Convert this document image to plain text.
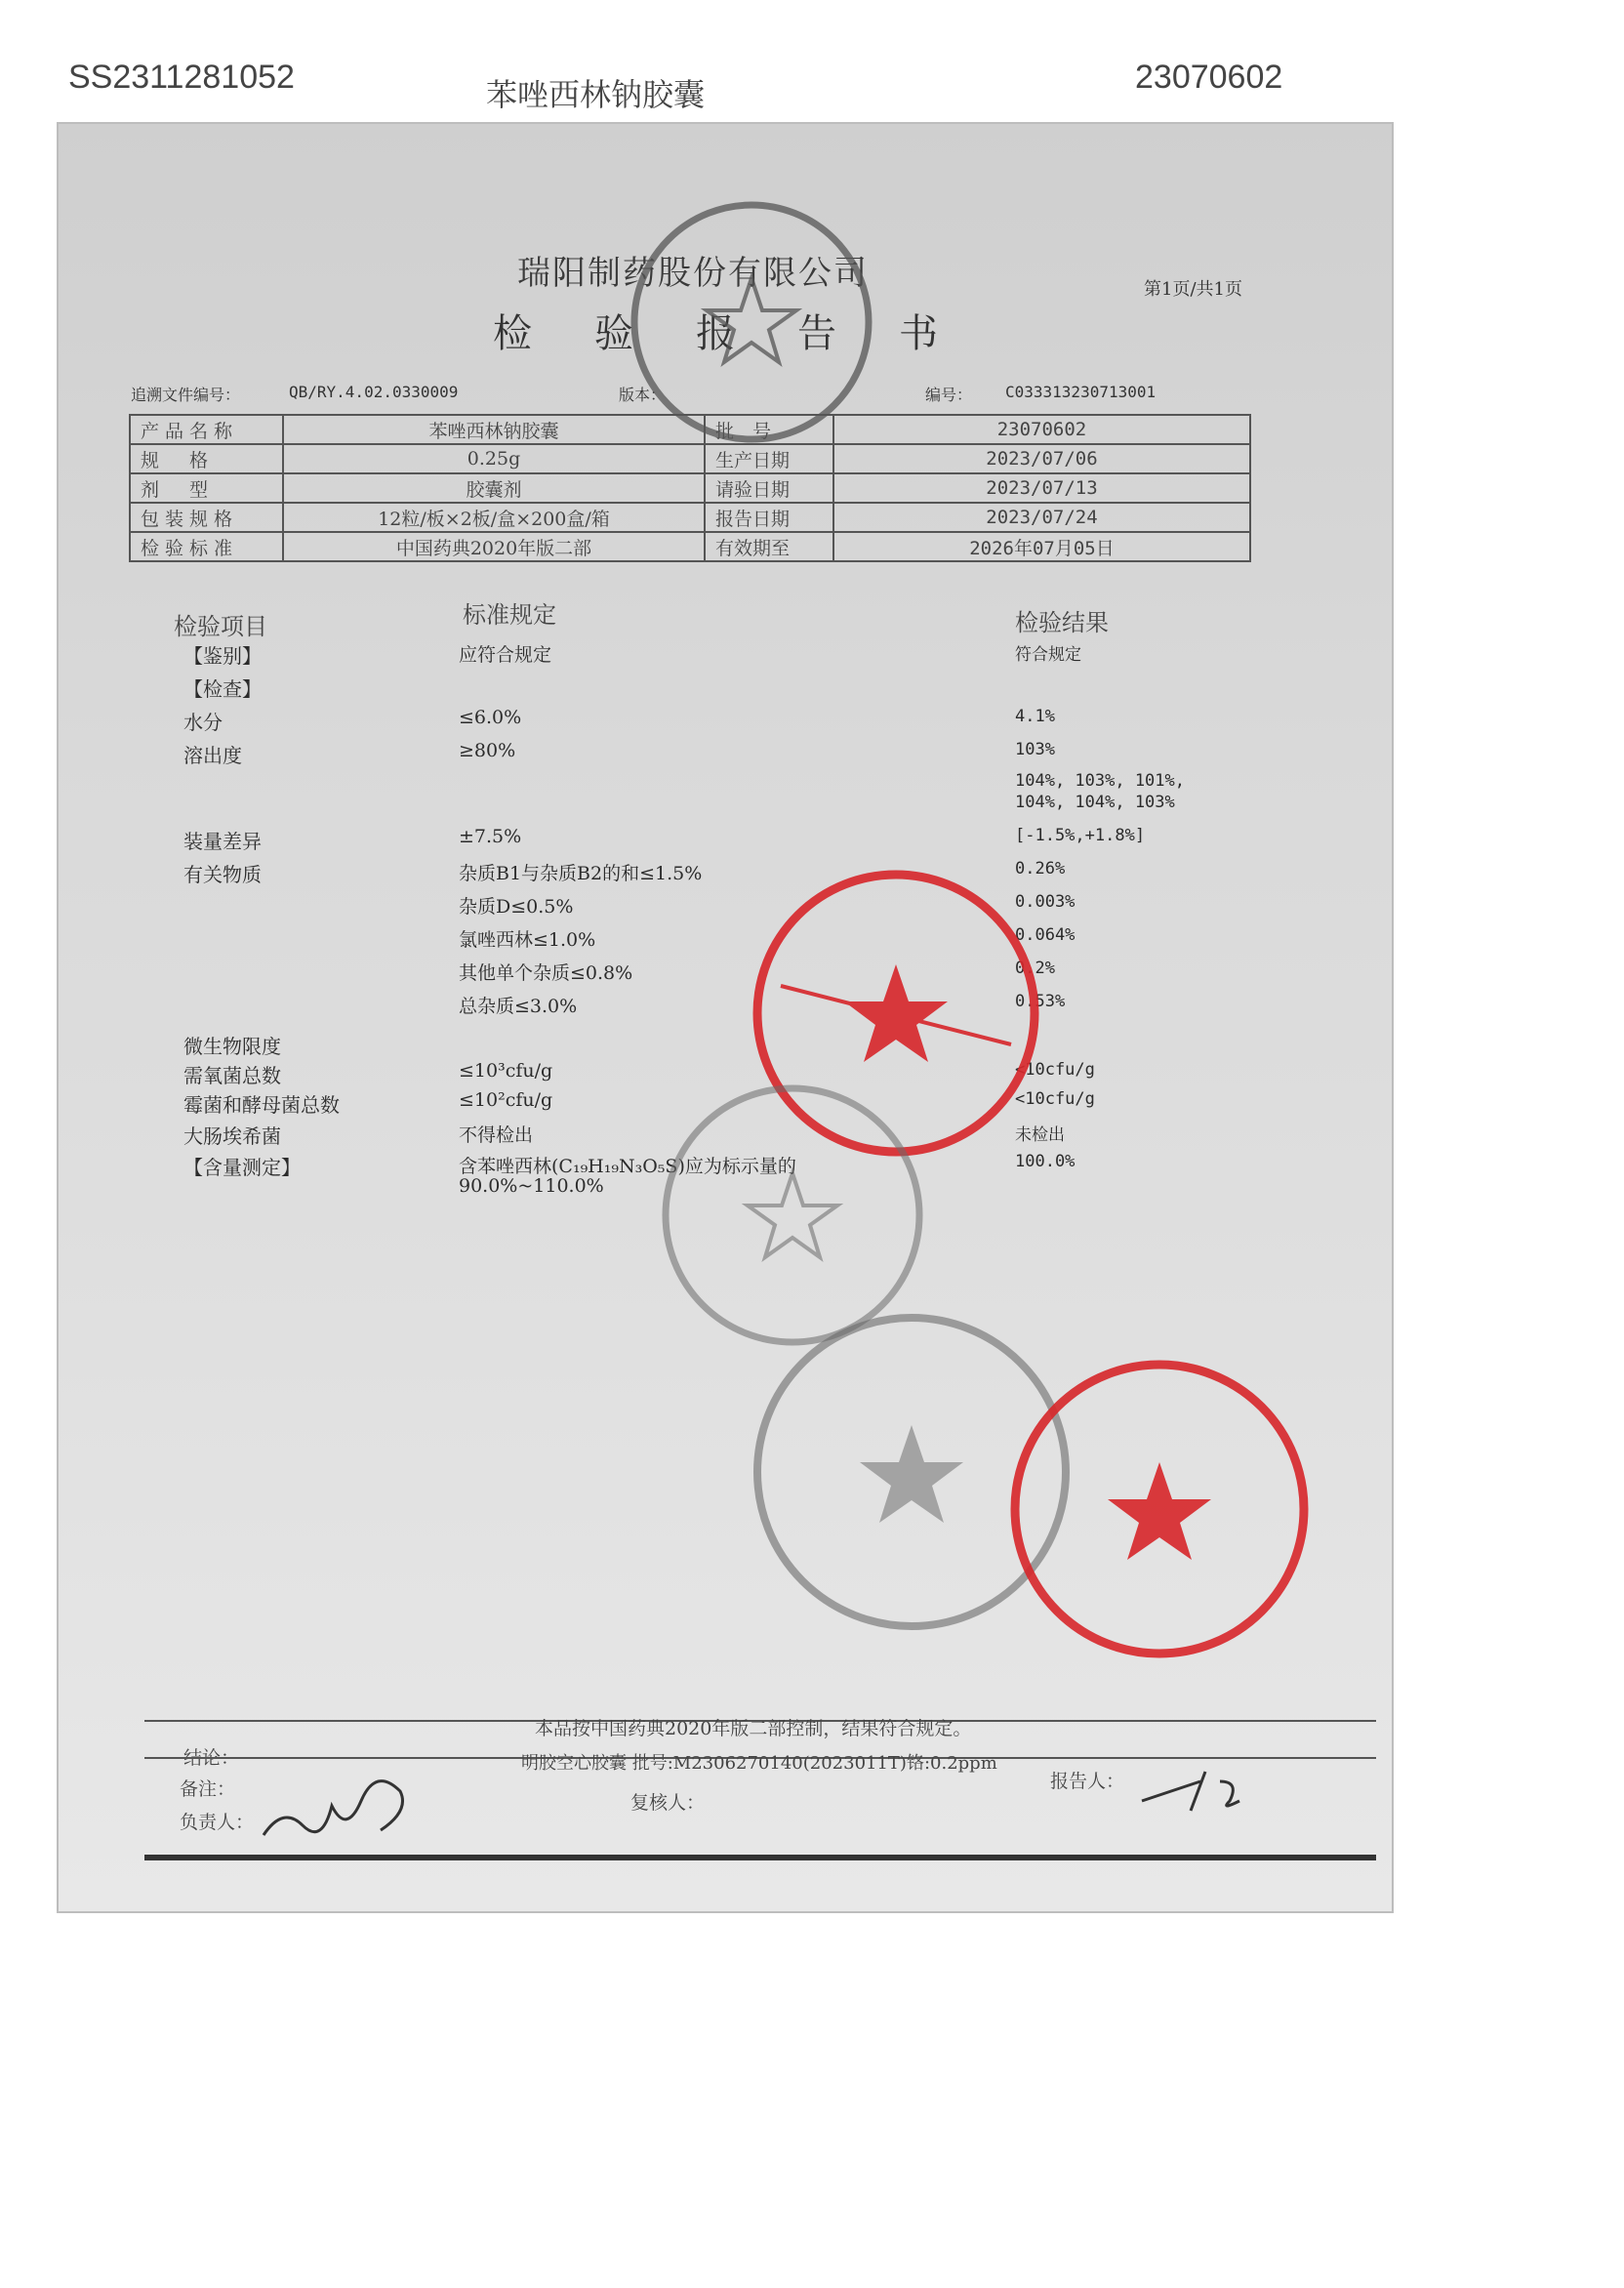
SS2311281052	苯唑西林钠胶囊	23070602
瑞阳制药股份有限公司
检验报告书
第1页/共1页
追溯文件编号：	QB/RY.4.02.0330009	版本：	编号： C033313230713001
产品名称	苯唑西林钠胶囊	批　号	23070602
规　格	0.25g	生产日期	2023/07/06
剂　型	胶囊剂	请验日期	2023/07/13
包装规格	12粒/板×2板/盒×200盒/箱	报告日期	2023/07/24
检验标准	中国药典2020年版二部	有效期至	2026年07月05日
检验项目	标准规定	检验结果
【鉴别】	应符合规定	符合规定
【检查】
水分	≤6.0%	4.1%
溶出度	≥80%	103%
104%, 103%, 101%,
104%, 104%, 103%
装量差异	±7.5%	[-1.5%,+1.8%]
有关物质	杂质B1与杂质B2的和≤1.5%	0.26%
杂质D≤0.5%	0.003%
氯唑西林≤1.0%	0.064%
其他单个杂质≤0.8%	0.2%
总杂质≤3.0%	0.53%
微生物限度
需氧菌总数	≤10³cfu/g	<10cfu/g
霉菌和酵母菌总数	≤10²cfu/g	<10cfu/g
大肠埃希菌	不得检出	未检出
【含量测定】	含苯唑西林(C₁₉H₁₉N₃O₅S)应为标示量的	100.0%
90.0%~110.0%
本品按中国药典2020年版二部控制，结果符合规定。
结论：	明胶空心胶囊 批号:M2306270140(2023011T)铬:0.2ppm
备注：
复核人：
报告人：
负责人：
